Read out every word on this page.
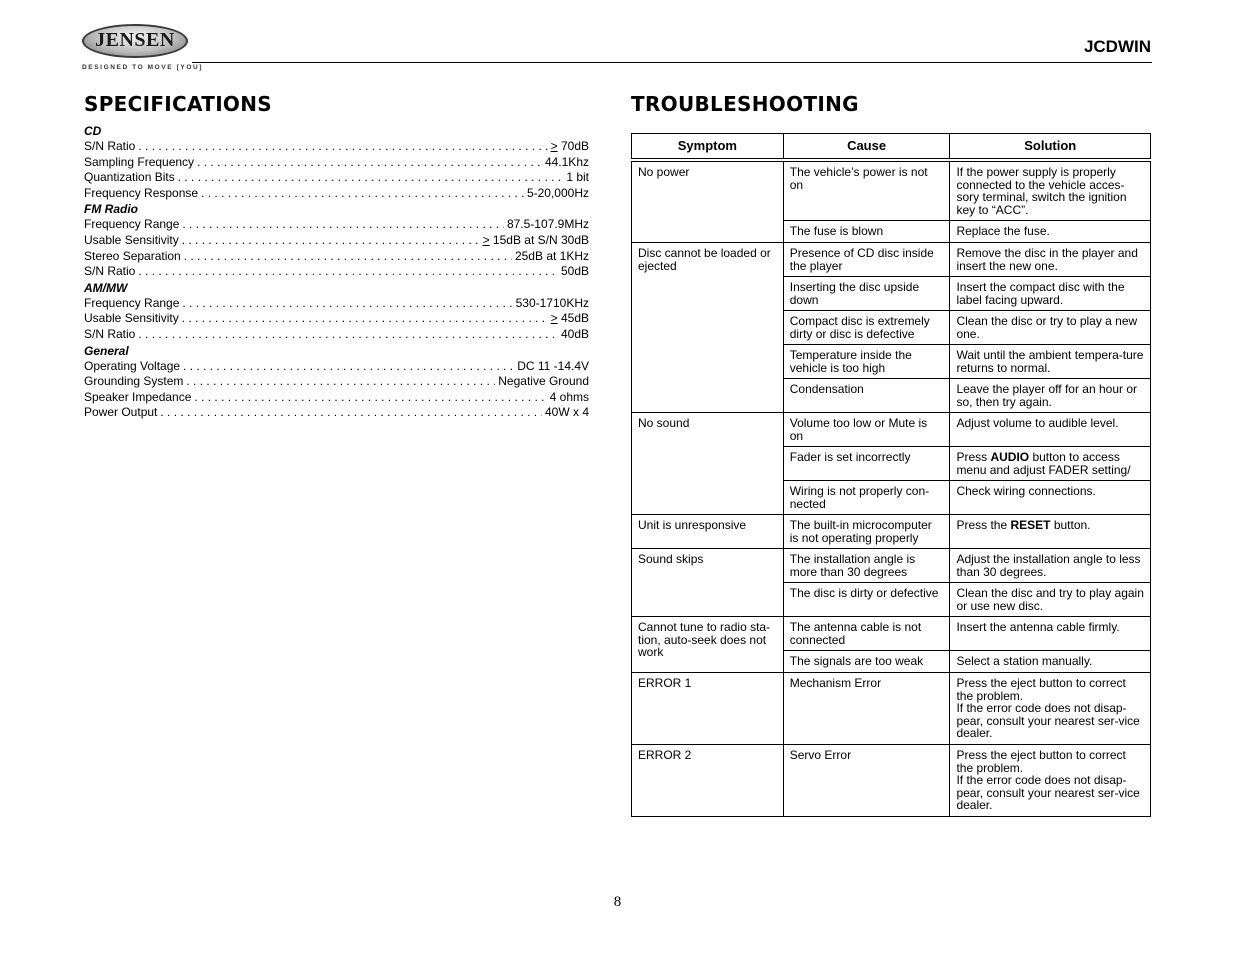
JENSEN
DESIGNED TO MOVE [YOU]
JCDWIN
SPECIFICATIONS	TROUBLESHOOTING
CD
S/N Ratio . . .	> 70dB
Sampling Frequency . . .	44.1Khz
Quantization Bits . . .	1 bit
Frequency Response . . .	5-20,000Hz
FM Radio
Frequency Range . . .	87.5-107.9MHz
Usable Sensitivity . . .	> 15dB at S/N 30dB
Stereo Separation . . .	25dB at 1KHz
S/N Ratio . . .	50dB
AM/MW
Frequency Range . . .	530-1710KHz
Usable Sensitivity . . .	> 45dB
S/N Ratio . . .	40dB
General
Operating Voltage . . .	DC 11 -14.4V
Grounding System . . .	Negative Ground
Speaker Impedance . . .	4 ohms
Power Output . . .	40W x 4
Symptom	Cause	Solution
No power	The vehicle’s power is not on	If the power supply is properly connected to the vehicle acces-sory terminal, switch the ignition key to “ACC”.
	The fuse is blown	Replace the fuse.
Disc cannot be loaded or ejected	Presence of CD disc inside the player	Remove the disc in the player and insert the new one.
	Inserting the disc upside down	Insert the compact disc with the label facing upward.
	Compact disc is extremely dirty or disc is defective	Clean the disc or try to play a new one.
	Temperature inside the vehicle is too high	Wait until the ambient tempera-ture returns to normal.
	Condensation	Leave the player off for an hour or so, then try again.
No sound	Volume too low or Mute is on	Adjust volume to audible level.
	Fader is set incorrectly	Press AUDIO button to access menu and adjust FADER setting/
	Wiring is not properly con-nected	Check wiring connections.
Unit is unresponsive	The built-in microcomputer is not operating properly	Press the RESET button.
Sound skips	The installation angle is more than 30 degrees	Adjust the installation angle to less than 30 degrees.
	The disc is dirty or defective	Clean the disc and try to play again or use new disc.
Cannot tune to radio sta-tion, auto-seek does not work	The antenna cable is not connected	Insert the antenna cable firmly.
	The signals are too weak	Select a station manually.
ERROR 1	Mechanism Error	Press the eject button to correct the problem.
If the error code does not disap-pear, consult your nearest ser-vice dealer.
ERROR 2	Servo Error	Press the eject button to correct the problem.
If the error code does not disap-pear, consult your nearest ser-vice dealer.
8
